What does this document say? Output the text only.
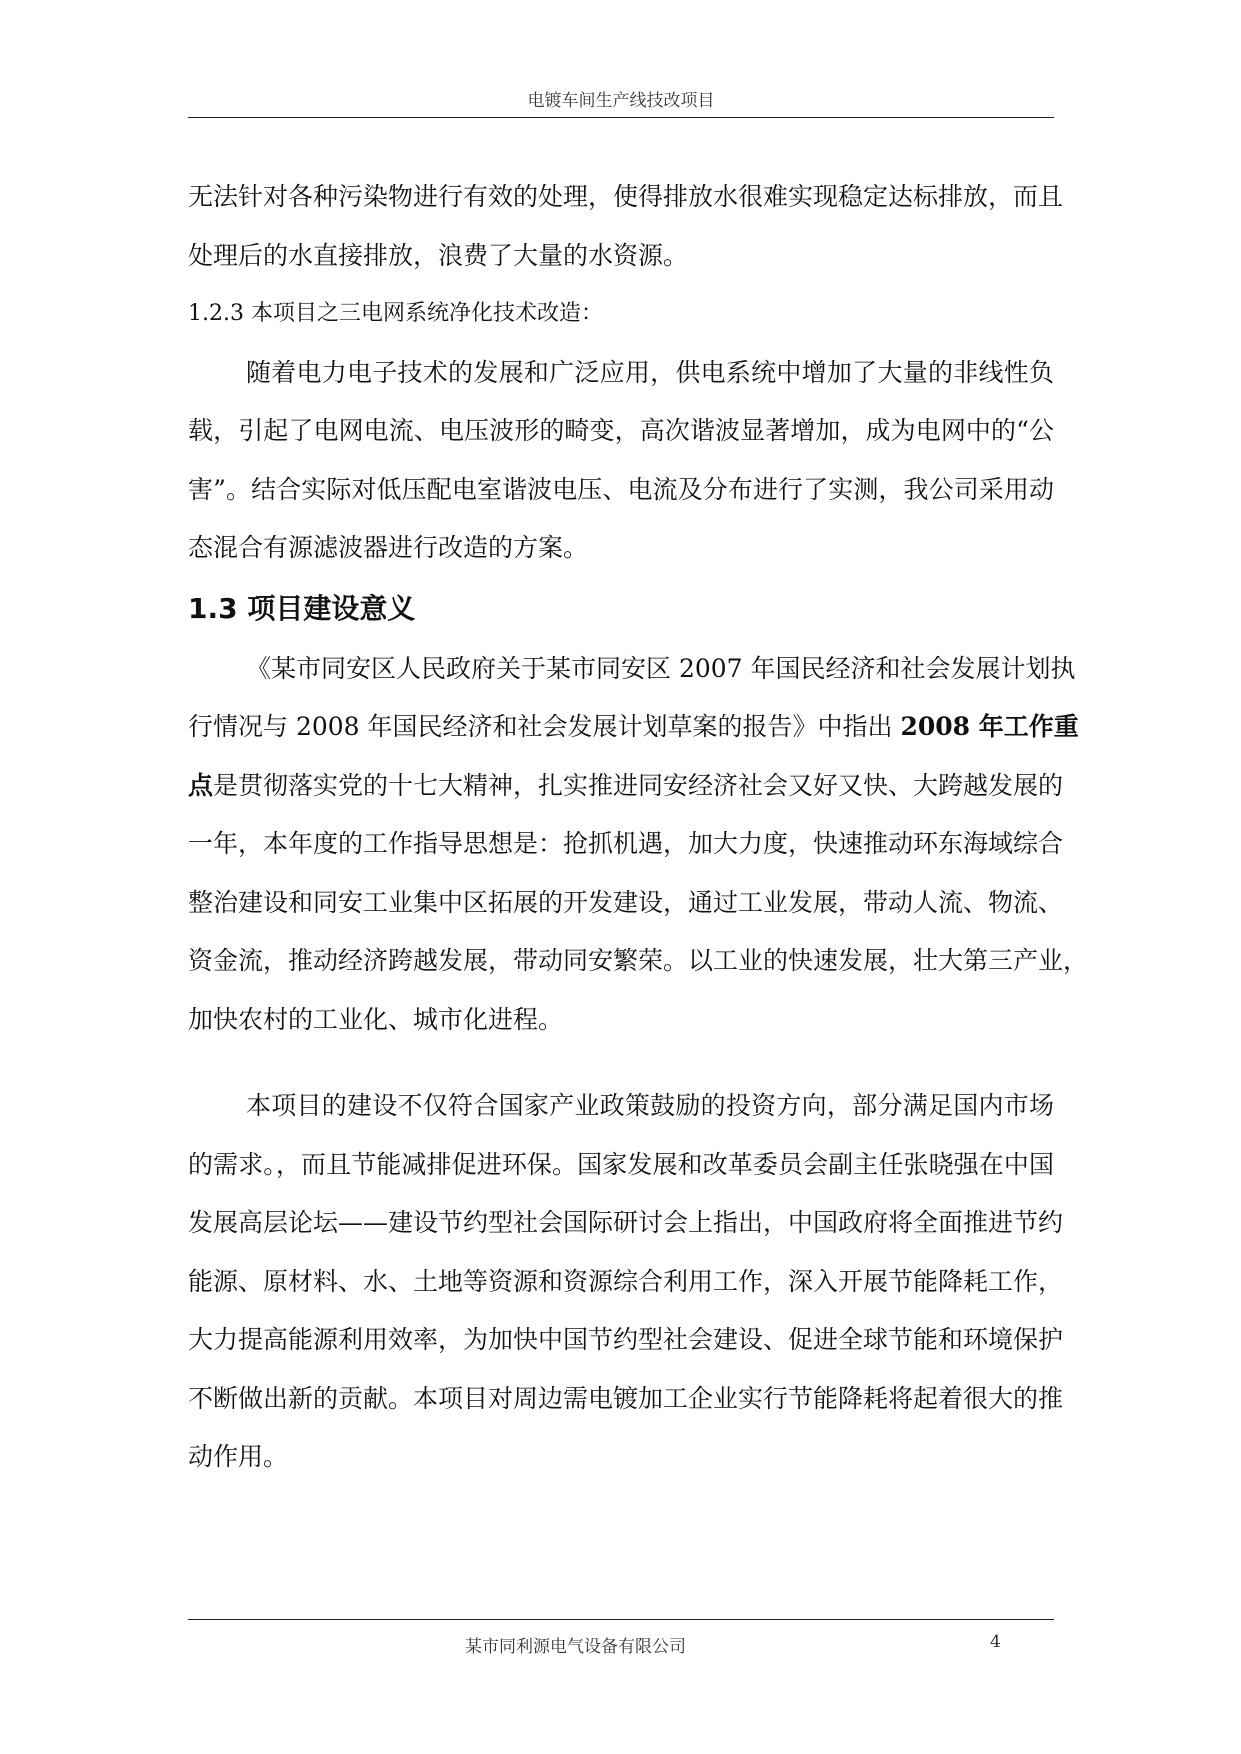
电镀车间生产线技改项目
无法针对各种污染物进行有效的处理，使得排放水很难实现稳定达标排放，而且
处理后的水直接排放，浪费了大量的水资源。
1.2.3 本项目之三电网系统净化技术改造：
随着电力电子技术的发展和广泛应用，供电系统中增加了大量的非线性负
载，引起了电网电流、电压波形的畸变，高次谐波显著增加，成为电网中的“公
害”。结合实际对低压配电室谐波电压、电流及分布进行了实测，我公司采用动
态混合有源滤波器进行改造的方案。
1.3 项目建设意义
《某市同安区人民政府关于某市同安区 2007 年国民经济和社会发展计划执
行情况与 2008 年国民经济和社会发展计划草案的报告》中指出 2008 年工作重
点是贯彻落实党的十七大精神，扎实推进同安经济社会又好又快、大跨越发展的
一年，本年度的工作指导思想是：抢抓机遇，加大力度，快速推动环东海域综合
整治建设和同安工业集中区拓展的开发建设，通过工业发展，带动人流、物流、
资金流，推动经济跨越发展，带动同安繁荣。以工业的快速发展，壮大第三产业，
加快农村的工业化、城市化进程。
本项目的建设不仅符合国家产业政策鼓励的投资方向，部分满足国内市场
的需求。，而且节能减排促进环保。国家发展和改革委员会副主任张晓强在中国
发展高层论坛——建设节约型社会国际研讨会上指出，中国政府将全面推进节约
能源、原材料、水、土地等资源和资源综合利用工作，深入开展节能降耗工作，
大力提高能源利用效率，为加快中国节约型社会建设、促进全球节能和环境保护
不断做出新的贡献。本项目对周边需电镀加工企业实行节能降耗将起着很大的推
动作用。
某市同利源电气设备有限公司	4
